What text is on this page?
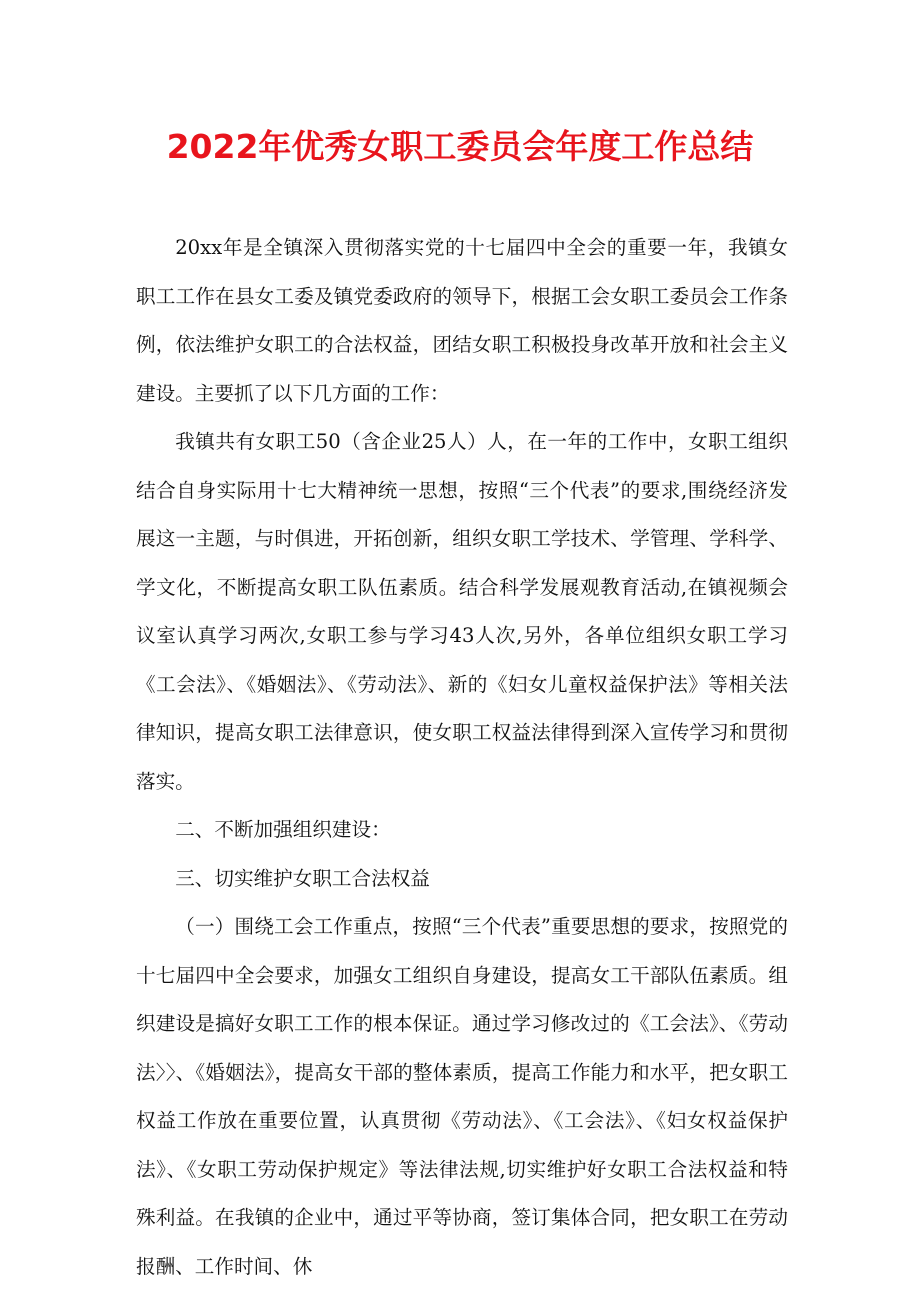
2022年优秀女职工委员会年度工作总结

20xx年是全镇深入贯彻落实党的十七届四中全会的重要一年，我镇女职工工作在县女工委及镇党委政府的领导下，根据工会女职工委员会工作条例，依法维护女职工的合法权益，团结女职工积极投身改革开放和社会主义建设。主要抓了以下几方面的工作：

我镇共有女职工50（含企业25人）人，在一年的工作中，女职工组织结合自身实际用十七大精神统一思想，按照“三个代表”的要求,围绕经济发展这一主题，与时俱进，开拓创新，组织女职工学技术、学管理、学科学、学文化，不断提高女职工队伍素质。结合科学发展观教育活动,在镇视频会议室认真学习两次,女职工参与学习43人次,另外，各单位组织女职工学习《工会法》、《婚姻法》、《劳动法》、新的《妇女儿童权益保护法》等相关法律知识，提高女职工法律意识，使女职工权益法律得到深入宣传学习和贯彻落实。

二、不断加强组织建设：

三、切实维护女职工合法权益

（一）围绕工会工作重点，按照“三个代表”重要思想的要求，按照党的十七届四中全会要求，加强女工组织自身建设，提高女工干部队伍素质。组织建设是搞好女职工工作的根本保证。通过学习修改过的《工会法》、《劳动法〉〉、《婚姻法》，提高女干部的整体素质，提高工作能力和水平，把女职工权益工作放在重要位置，认真贯彻《劳动法》、《工会法》、《妇女权益保护法》、《女职工劳动保护规定》等法律法规,切实维护好女职工合法权益和特殊利益。在我镇的企业中，通过平等协商，签订集体合同，把女职工在劳动报酬、工作时间、休
